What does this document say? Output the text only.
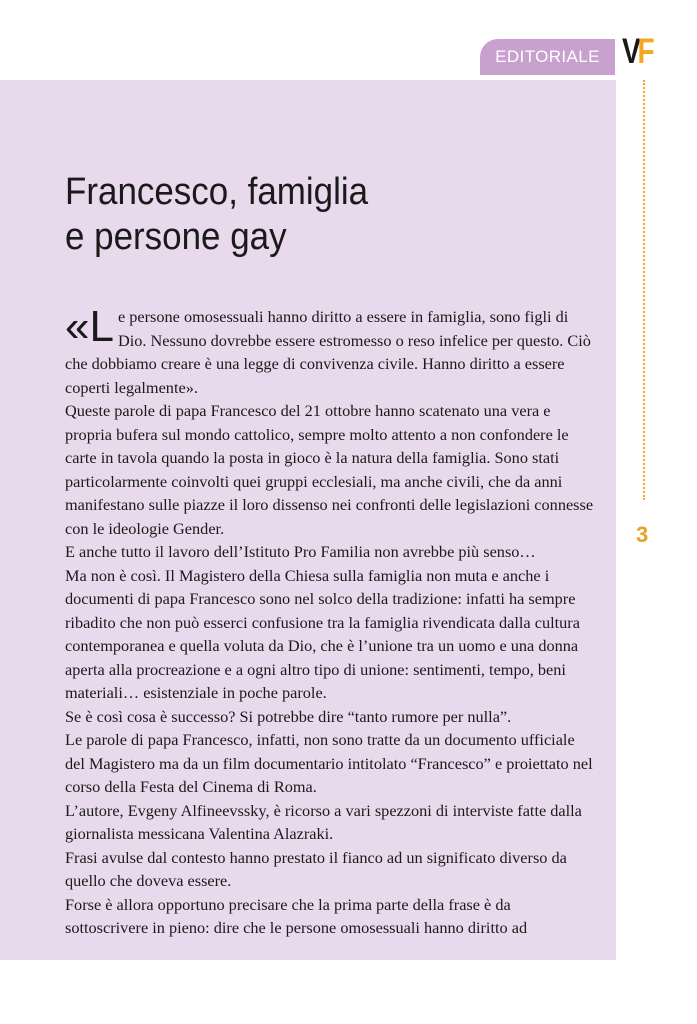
EDITORIALE VF
3
Francesco, famiglia
e persone gay

«Le persone omosessuali hanno diritto a essere in famiglia, sono figli di Dio. Nessuno dovrebbe essere estromesso o reso infelice per questo. Ciò che dobbiamo creare è una legge di convivenza civile. Hanno diritto a essere coperti legalmente».

Queste parole di papa Francesco del 21 ottobre hanno scatenato una vera e propria bufera sul mondo cattolico, sempre molto attento a non confondere le carte in tavola quando la posta in gioco è la natura della famiglia. Sono stati particolarmente coinvolti quei gruppi ecclesiali, ma anche civili, che da anni manifestano sulle piazze il loro dissenso nei confronti delle legislazioni connesse con le ideologie Gender.

E anche tutto il lavoro dell’Istituto Pro Familia non avrebbe più senso…

Ma non è così. Il Magistero della Chiesa sulla famiglia non muta e anche i documenti di papa Francesco sono nel solco della tradizione: infatti ha sempre ribadito che non può esserci confusione tra la famiglia rivendicata dalla cultura contemporanea e quella voluta da Dio, che è l’unione tra un uomo e una donna aperta alla procreazione e a ogni altro tipo di unione: sentimenti, tempo, beni materiali… esistenziale in poche parole.

Se è così cosa è successo? Si potrebbe dire “tanto rumore per nulla”.

Le parole di papa Francesco, infatti, non sono tratte da un documento ufficiale del Magistero ma da un film documentario intitolato “Francesco” e proiettato nel corso della Festa del Cinema di Roma.

L’autore, Evgeny Alfineevssky, è ricorso a vari spezzoni di interviste fatte dalla giornalista messicana Valentina Alazraki.

Frasi avulse dal contesto hanno prestato il fianco ad un significato diverso da quello che doveva essere.

Forse è allora opportuno precisare che la prima parte della frase è da sottoscrivere in pieno: dire che le persone omosessuali hanno diritto ad
